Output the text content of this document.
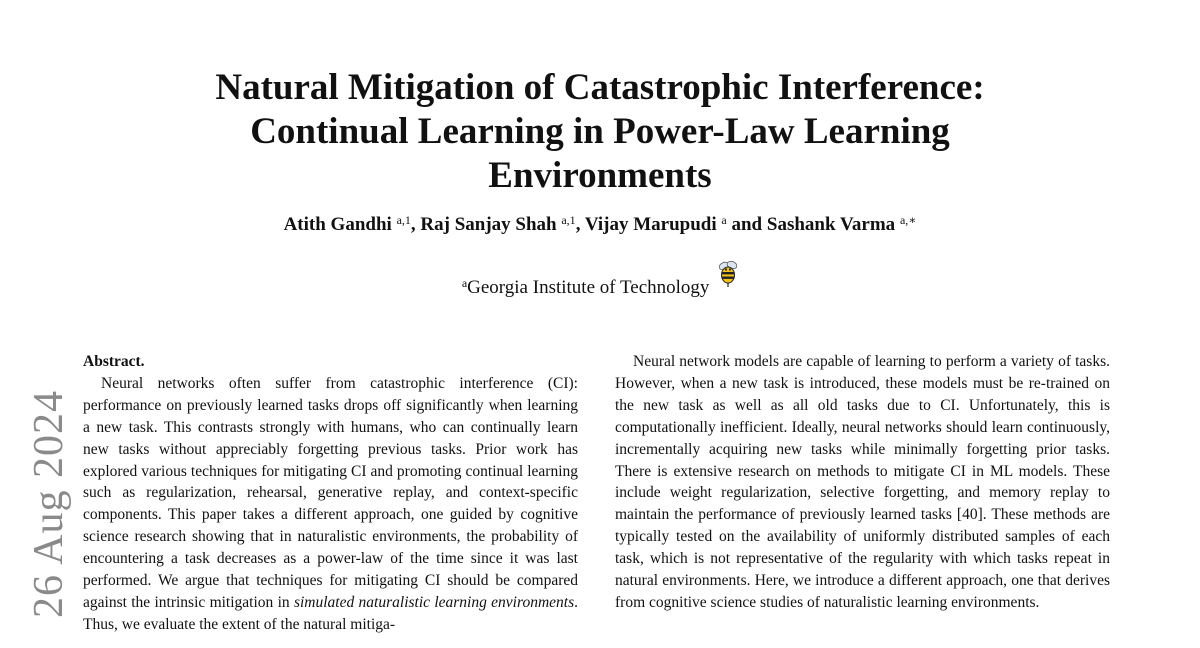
Natural Mitigation of Catastrophic Interference:
Continual Learning in Power-Law Learning
Environments
Atith Gandhi $^{a,1}$, Raj Sanjay Shah $^{a,1}$, Vijay Marupudi $^a$ and Sashank Varma $^{a,∗}$
$^a$Georgia Institute of Technology
26 Aug 2024
Abstract.

Neural networks often suffer from catastrophic interference (CI): performance on previously learned tasks drops off significantly when learning a new task. This contrasts strongly with humans, who can continually learn new tasks without appreciably forgetting previous tasks. Prior work has explored various techniques for mitigating CI and promoting continual learning such as regularization, rehearsal, generative replay, and context-specific components. This paper takes a different approach, one guided by cognitive science research showing that in naturalistic environments, the probability of encountering a task decreases as a power-law of the time since it was last performed. We argue that techniques for mitigating CI should be compared against the intrinsic mitigation in simulated naturalistic learning environments. Thus, we evaluate the extent of the natural mitiga-

Neural network models are capable of learning to perform a variety of tasks. However, when a new task is introduced, these models must be re-trained on the new task as well as all old tasks due to CI. Unfortunately, this is computationally inefficient. Ideally, neural networks should learn continuously, incrementally acquiring new tasks while minimally forgetting prior tasks. There is extensive research on methods to mitigate CI in ML models. These include weight regularization, selective forgetting, and memory replay to maintain the performance of previously learned tasks [40]. These methods are typically tested on the availability of uniformly distributed samples of each task, which is not representative of the regularity with which tasks repeat in natural environments. Here, we introduce a different approach, one that derives from cognitive science studies of naturalistic learning environments.
